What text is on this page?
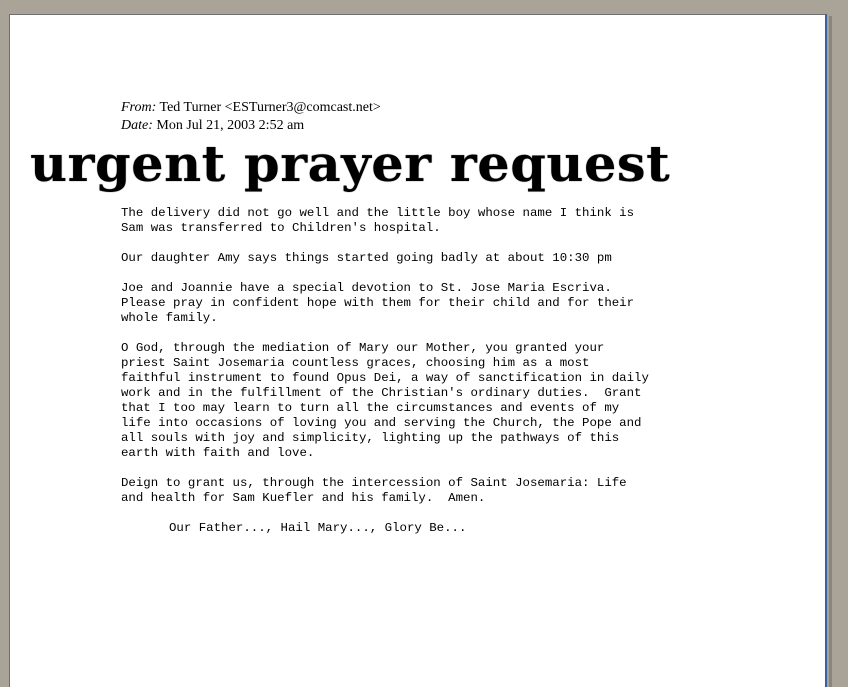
From: Ted Turner <ESTurner3@comcast.net>
Date: Mon Jul 21, 2003 2:52 am
urgent prayer request

The delivery did not go well and the little boy whose name I think is
Sam was transferred to Children's hospital.

Our daughter Amy says things started going badly at about 10:30 pm

Joe and Joannie have a special devotion to St. Jose Maria Escriva.
Please pray in confident hope with them for their child and for their
whole family.

O God, through the mediation of Mary our Mother, you granted your
priest Saint Josemaria countless graces, choosing him as a most
faithful instrument to found Opus Dei, a way of sanctification in daily
work and in the fulfillment of the Christian's ordinary duties.  Grant
that I too may learn to turn all the circumstances and events of my
life into occasions of loving you and serving the Church, the Pope and
all souls with joy and simplicity, lighting up the pathways of this
earth with faith and love.

Deign to grant us, through the intercession of Saint Josemaria: Life
and health for Sam Kuefler and his family.  Amen.

Our Father..., Hail Mary..., Glory Be...
